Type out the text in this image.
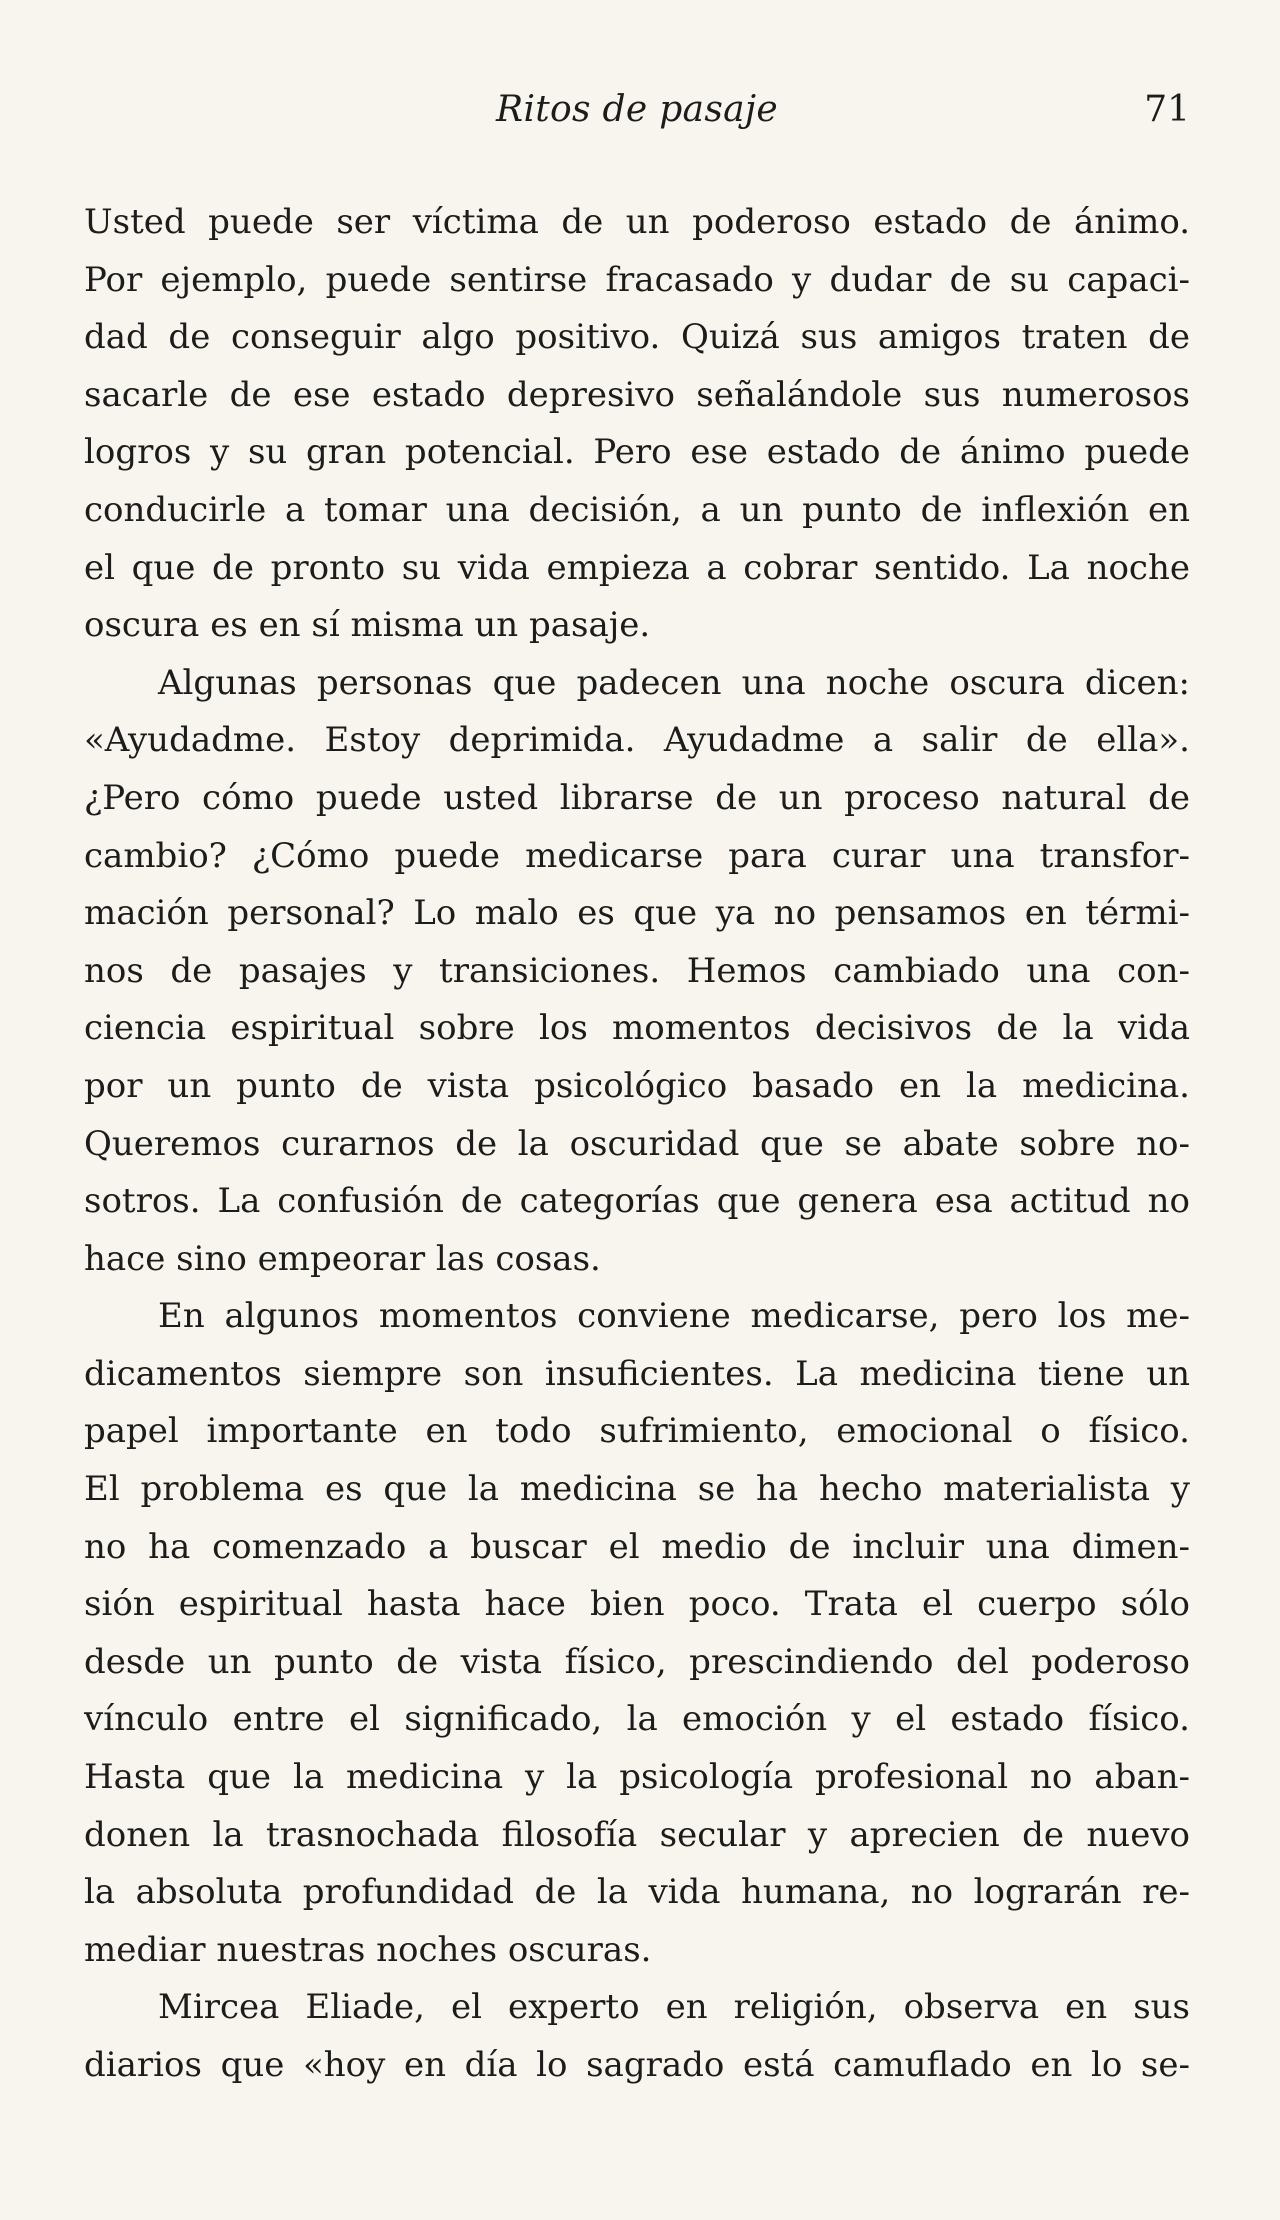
Ritos de pasaje	71
Usted puede ser víctima de un poderoso estado de ánimo.
Por ejemplo, puede sentirse fracasado y dudar de su capaci-
dad de conseguir algo positivo. Quizá sus amigos traten de
sacarle de ese estado depresivo señalándole sus numerosos
logros y su gran potencial. Pero ese estado de ánimo puede
conducirle a tomar una decisión, a un punto de inflexión en
el que de pronto su vida empieza a cobrar sentido. La noche
oscura es en sí misma un pasaje.
Algunas personas que padecen una noche oscura dicen:
«Ayudadme. Estoy deprimida. Ayudadme a salir de ella».
¿Pero cómo puede usted librarse de un proceso natural de
cambio? ¿Cómo puede medicarse para curar una transfor-
mación personal? Lo malo es que ya no pensamos en térmi-
nos de pasajes y transiciones. Hemos cambiado una con-
ciencia espiritual sobre los momentos decisivos de la vida
por un punto de vista psicológico basado en la medicina.
Queremos curarnos de la oscuridad que se abate sobre no-
sotros. La confusión de categorías que genera esa actitud no
hace sino empeorar las cosas.
En algunos momentos conviene medicarse, pero los me-
dicamentos siempre son insuficientes. La medicina tiene un
papel importante en todo sufrimiento, emocional o físico.
El problema es que la medicina se ha hecho materialista y
no ha comenzado a buscar el medio de incluir una dimen-
sión espiritual hasta hace bien poco. Trata el cuerpo sólo
desde un punto de vista físico, prescindiendo del poderoso
vínculo entre el significado, la emoción y el estado físico.
Hasta que la medicina y la psicología profesional no aban-
donen la trasnochada filosofía secular y aprecien de nuevo
la absoluta profundidad de la vida humana, no lograrán re-
mediar nuestras noches oscuras.
Mircea Eliade, el experto en religión, observa en sus
diarios que «hoy en día lo sagrado está camuflado en lo se-
